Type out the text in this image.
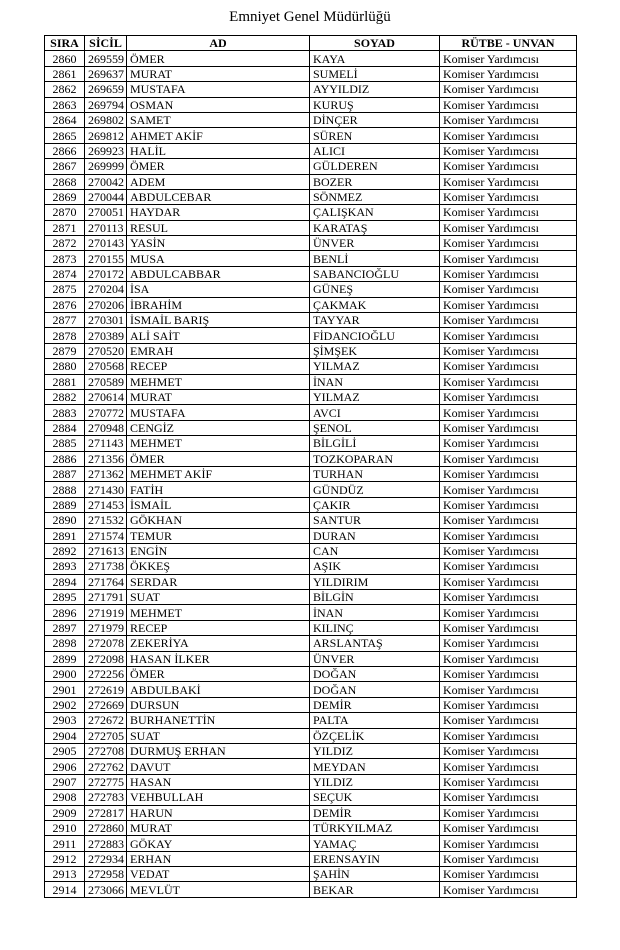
Emniyet Genel Müdürlüğü
SIRA	SİCİL	AD	SOYAD	RÜTBE - UNVAN
2860	269559	ÖMER	KAYA	Komiser Yardımcısı
2861	269637	MURAT	SUMELİ	Komiser Yardımcısı
2862	269659	MUSTAFA	AYYILDIZ	Komiser Yardımcısı
2863	269794	OSMAN	KURUŞ	Komiser Yardımcısı
2864	269802	SAMET	DİNÇER	Komiser Yardımcısı
2865	269812	AHMET AKİF	SÜREN	Komiser Yardımcısı
2866	269923	HALİL	ALICI	Komiser Yardımcısı
2867	269999	ÖMER	GÜLDEREN	Komiser Yardımcısı
2868	270042	ADEM	BOZER	Komiser Yardımcısı
2869	270044	ABDULCEBAR	SÖNMEZ	Komiser Yardımcısı
2870	270051	HAYDAR	ÇALIŞKAN	Komiser Yardımcısı
2871	270113	RESUL	KARATAŞ	Komiser Yardımcısı
2872	270143	YASİN	ÜNVER	Komiser Yardımcısı
2873	270155	MUSA	BENLİ	Komiser Yardımcısı
2874	270172	ABDULCABBAR	SABANCIOĞLU	Komiser Yardımcısı
2875	270204	İSA	GÜNEŞ	Komiser Yardımcısı
2876	270206	İBRAHİM	ÇAKMAK	Komiser Yardımcısı
2877	270301	İSMAİL BARIŞ	TAYYAR	Komiser Yardımcısı
2878	270389	ALİ SAİT	FİDANCIOĞLU	Komiser Yardımcısı
2879	270520	EMRAH	ŞİMŞEK	Komiser Yardımcısı
2880	270568	RECEP	YILMAZ	Komiser Yardımcısı
2881	270589	MEHMET	İNAN	Komiser Yardımcısı
2882	270614	MURAT	YILMAZ	Komiser Yardımcısı
2883	270772	MUSTAFA	AVCI	Komiser Yardımcısı
2884	270948	CENGİZ	ŞENOL	Komiser Yardımcısı
2885	271143	MEHMET	BİLGİLİ	Komiser Yardımcısı
2886	271356	ÖMER	TOZKOPARAN	Komiser Yardımcısı
2887	271362	MEHMET AKİF	TURHAN	Komiser Yardımcısı
2888	271430	FATİH	GÜNDÜZ	Komiser Yardımcısı
2889	271453	İSMAİL	ÇAKIR	Komiser Yardımcısı
2890	271532	GÖKHAN	SANTUR	Komiser Yardımcısı
2891	271574	TEMUR	DURAN	Komiser Yardımcısı
2892	271613	ENGİN	CAN	Komiser Yardımcısı
2893	271738	ÖKKEŞ	AŞIK	Komiser Yardımcısı
2894	271764	SERDAR	YILDIRIM	Komiser Yardımcısı
2895	271791	SUAT	BİLGİN	Komiser Yardımcısı
2896	271919	MEHMET	İNAN	Komiser Yardımcısı
2897	271979	RECEP	KILINÇ	Komiser Yardımcısı
2898	272078	ZEKERİYA	ARSLANTAŞ	Komiser Yardımcısı
2899	272098	HASAN İLKER	ÜNVER	Komiser Yardımcısı
2900	272256	ÖMER	DOĞAN	Komiser Yardımcısı
2901	272619	ABDULBAKİ	DOĞAN	Komiser Yardımcısı
2902	272669	DURSUN	DEMİR	Komiser Yardımcısı
2903	272672	BURHANETTİN	PALTA	Komiser Yardımcısı
2904	272705	SUAT	ÖZÇELİK	Komiser Yardımcısı
2905	272708	DURMUŞ ERHAN	YILDIZ	Komiser Yardımcısı
2906	272762	DAVUT	MEYDAN	Komiser Yardımcısı
2907	272775	HASAN	YILDIZ	Komiser Yardımcısı
2908	272783	VEHBULLAH	SEÇUK	Komiser Yardımcısı
2909	272817	HARUN	DEMİR	Komiser Yardımcısı
2910	272860	MURAT	TÜRKYILMAZ	Komiser Yardımcısı
2911	272883	GÖKAY	YAMAÇ	Komiser Yardımcısı
2912	272934	ERHAN	ERENSAYIN	Komiser Yardımcısı
2913	272958	VEDAT	ŞAHİN	Komiser Yardımcısı
2914	273066	MEVLÜT	BEKAR	Komiser Yardımcısı
